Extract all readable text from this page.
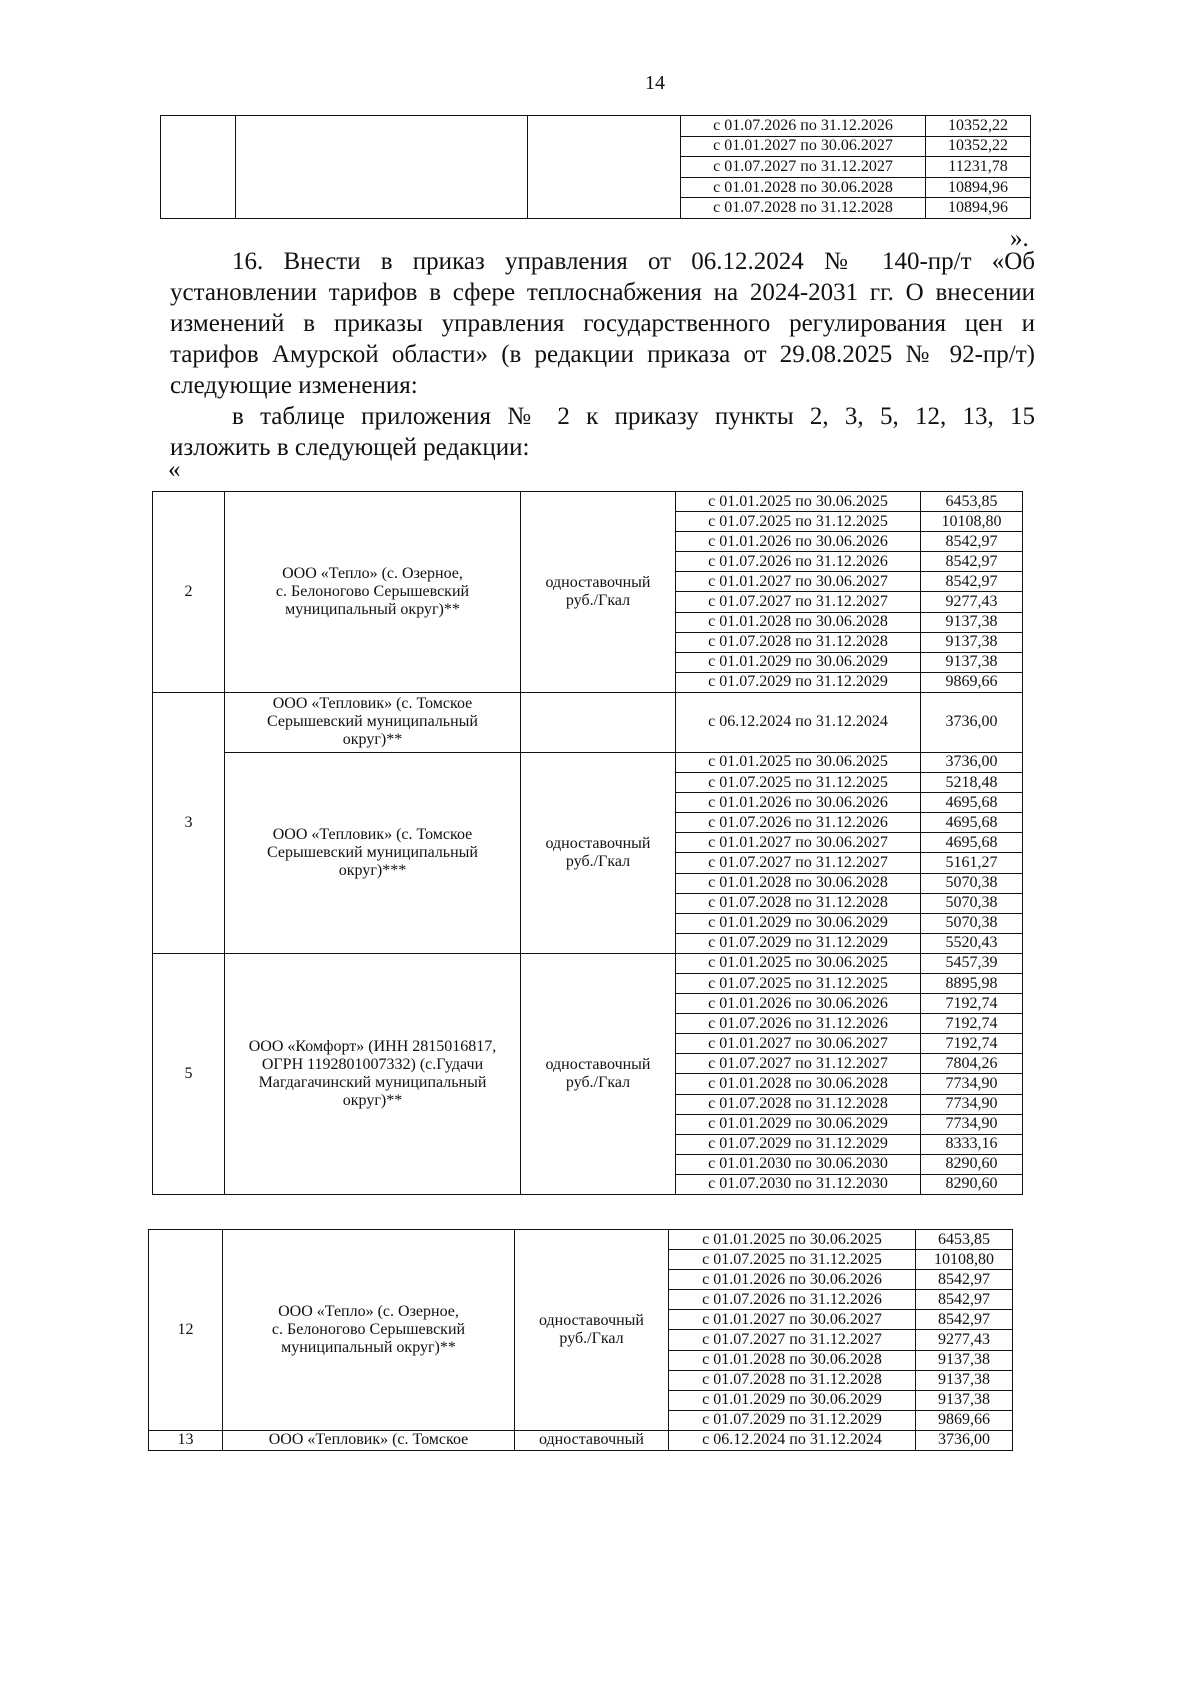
14
			с 01.07.2026 по 31.12.2026	10352,22
			с 01.01.2027 по 30.06.2027	10352,22
			с 01.07.2027 по 31.12.2027	11231,78
			с 01.01.2028 по 30.06.2028	10894,96
			с 01.07.2028 по 31.12.2028	10894,96
».
16. Внести в приказ управления от 06.12.2024 № 140-пр/т «Об
установлении тарифов в сфере теплоснабжения на 2024-2031 гг. О внесении
изменений в приказы управления государственного регулирования цен и
тарифов Амурской области» (в редакции приказа от 29.08.2025 № 92-пр/т)
следующие изменения:
в таблице приложения № 2 к приказу пункты 2, 3, 5, 12, 13, 15
изложить в следующей редакции:
«
2	ООО «Тепло» (с. Озерное,
с. Белоногово Серышевский
муниципальный округ)**	одноставочный
руб./Гкал	с 01.01.2025 по 30.06.2025	6453,85
			с 01.07.2025 по 31.12.2025	10108,80
			с 01.01.2026 по 30.06.2026	8542,97
			с 01.07.2026 по 31.12.2026	8542,97
			с 01.01.2027 по 30.06.2027	8542,97
			с 01.07.2027 по 31.12.2027	9277,43
			с 01.01.2028 по 30.06.2028	9137,38
			с 01.07.2028 по 31.12.2028	9137,38
			с 01.01.2029 по 30.06.2029	9137,38
			с 01.07.2029 по 31.12.2029	9869,66
3	ООО «Тепловик» (с. Томское
Серышевский муниципальный
округ)**		с 06.12.2024 по 31.12.2024	3736,00
	ООО «Тепловик» (с. Томское
Серышевский муниципальный
округ)***	одноставочный
руб./Гкал	с 01.01.2025 по 30.06.2025	3736,00
			с 01.07.2025 по 31.12.2025	5218,48
			с 01.01.2026 по 30.06.2026	4695,68
			с 01.07.2026 по 31.12.2026	4695,68
			с 01.01.2027 по 30.06.2027	4695,68
			с 01.07.2027 по 31.12.2027	5161,27
			с 01.01.2028 по 30.06.2028	5070,38
			с 01.07.2028 по 31.12.2028	5070,38
			с 01.01.2029 по 30.06.2029	5070,38
			с 01.07.2029 по 31.12.2029	5520,43
5	ООО «Комфорт» (ИНН 2815016817,
ОГРН 1192801007332) (с.Гудачи
Магдагачинский муниципальный
округ)**	одноставочный
руб./Гкал	с 01.01.2025 по 30.06.2025	5457,39
			с 01.07.2025 по 31.12.2025	8895,98
			с 01.01.2026 по 30.06.2026	7192,74
			с 01.07.2026 по 31.12.2026	7192,74
			с 01.01.2027 по 30.06.2027	7192,74
			с 01.07.2027 по 31.12.2027	7804,26
			с 01.01.2028 по 30.06.2028	7734,90
			с 01.07.2028 по 31.12.2028	7734,90
			с 01.01.2029 по 30.06.2029	7734,90
			с 01.07.2029 по 31.12.2029	8333,16
			с 01.01.2030 по 30.06.2030	8290,60
			с 01.07.2030 по 31.12.2030	8290,60
12	ООО «Тепло» (с. Озерное,
с. Белоногово Серышевский
муниципальный округ)**	одноставочный
руб./Гкал	с 01.01.2025 по 30.06.2025	6453,85
			с 01.07.2025 по 31.12.2025	10108,80
			с 01.01.2026 по 30.06.2026	8542,97
			с 01.07.2026 по 31.12.2026	8542,97
			с 01.01.2027 по 30.06.2027	8542,97
			с 01.07.2027 по 31.12.2027	9277,43
			с 01.01.2028 по 30.06.2028	9137,38
			с 01.07.2028 по 31.12.2028	9137,38
			с 01.01.2029 по 30.06.2029	9137,38
			с 01.07.2029 по 31.12.2029	9869,66
13	ООО «Тепловик» (с. Томское	одноставочный	с 06.12.2024 по 31.12.2024	3736,00
